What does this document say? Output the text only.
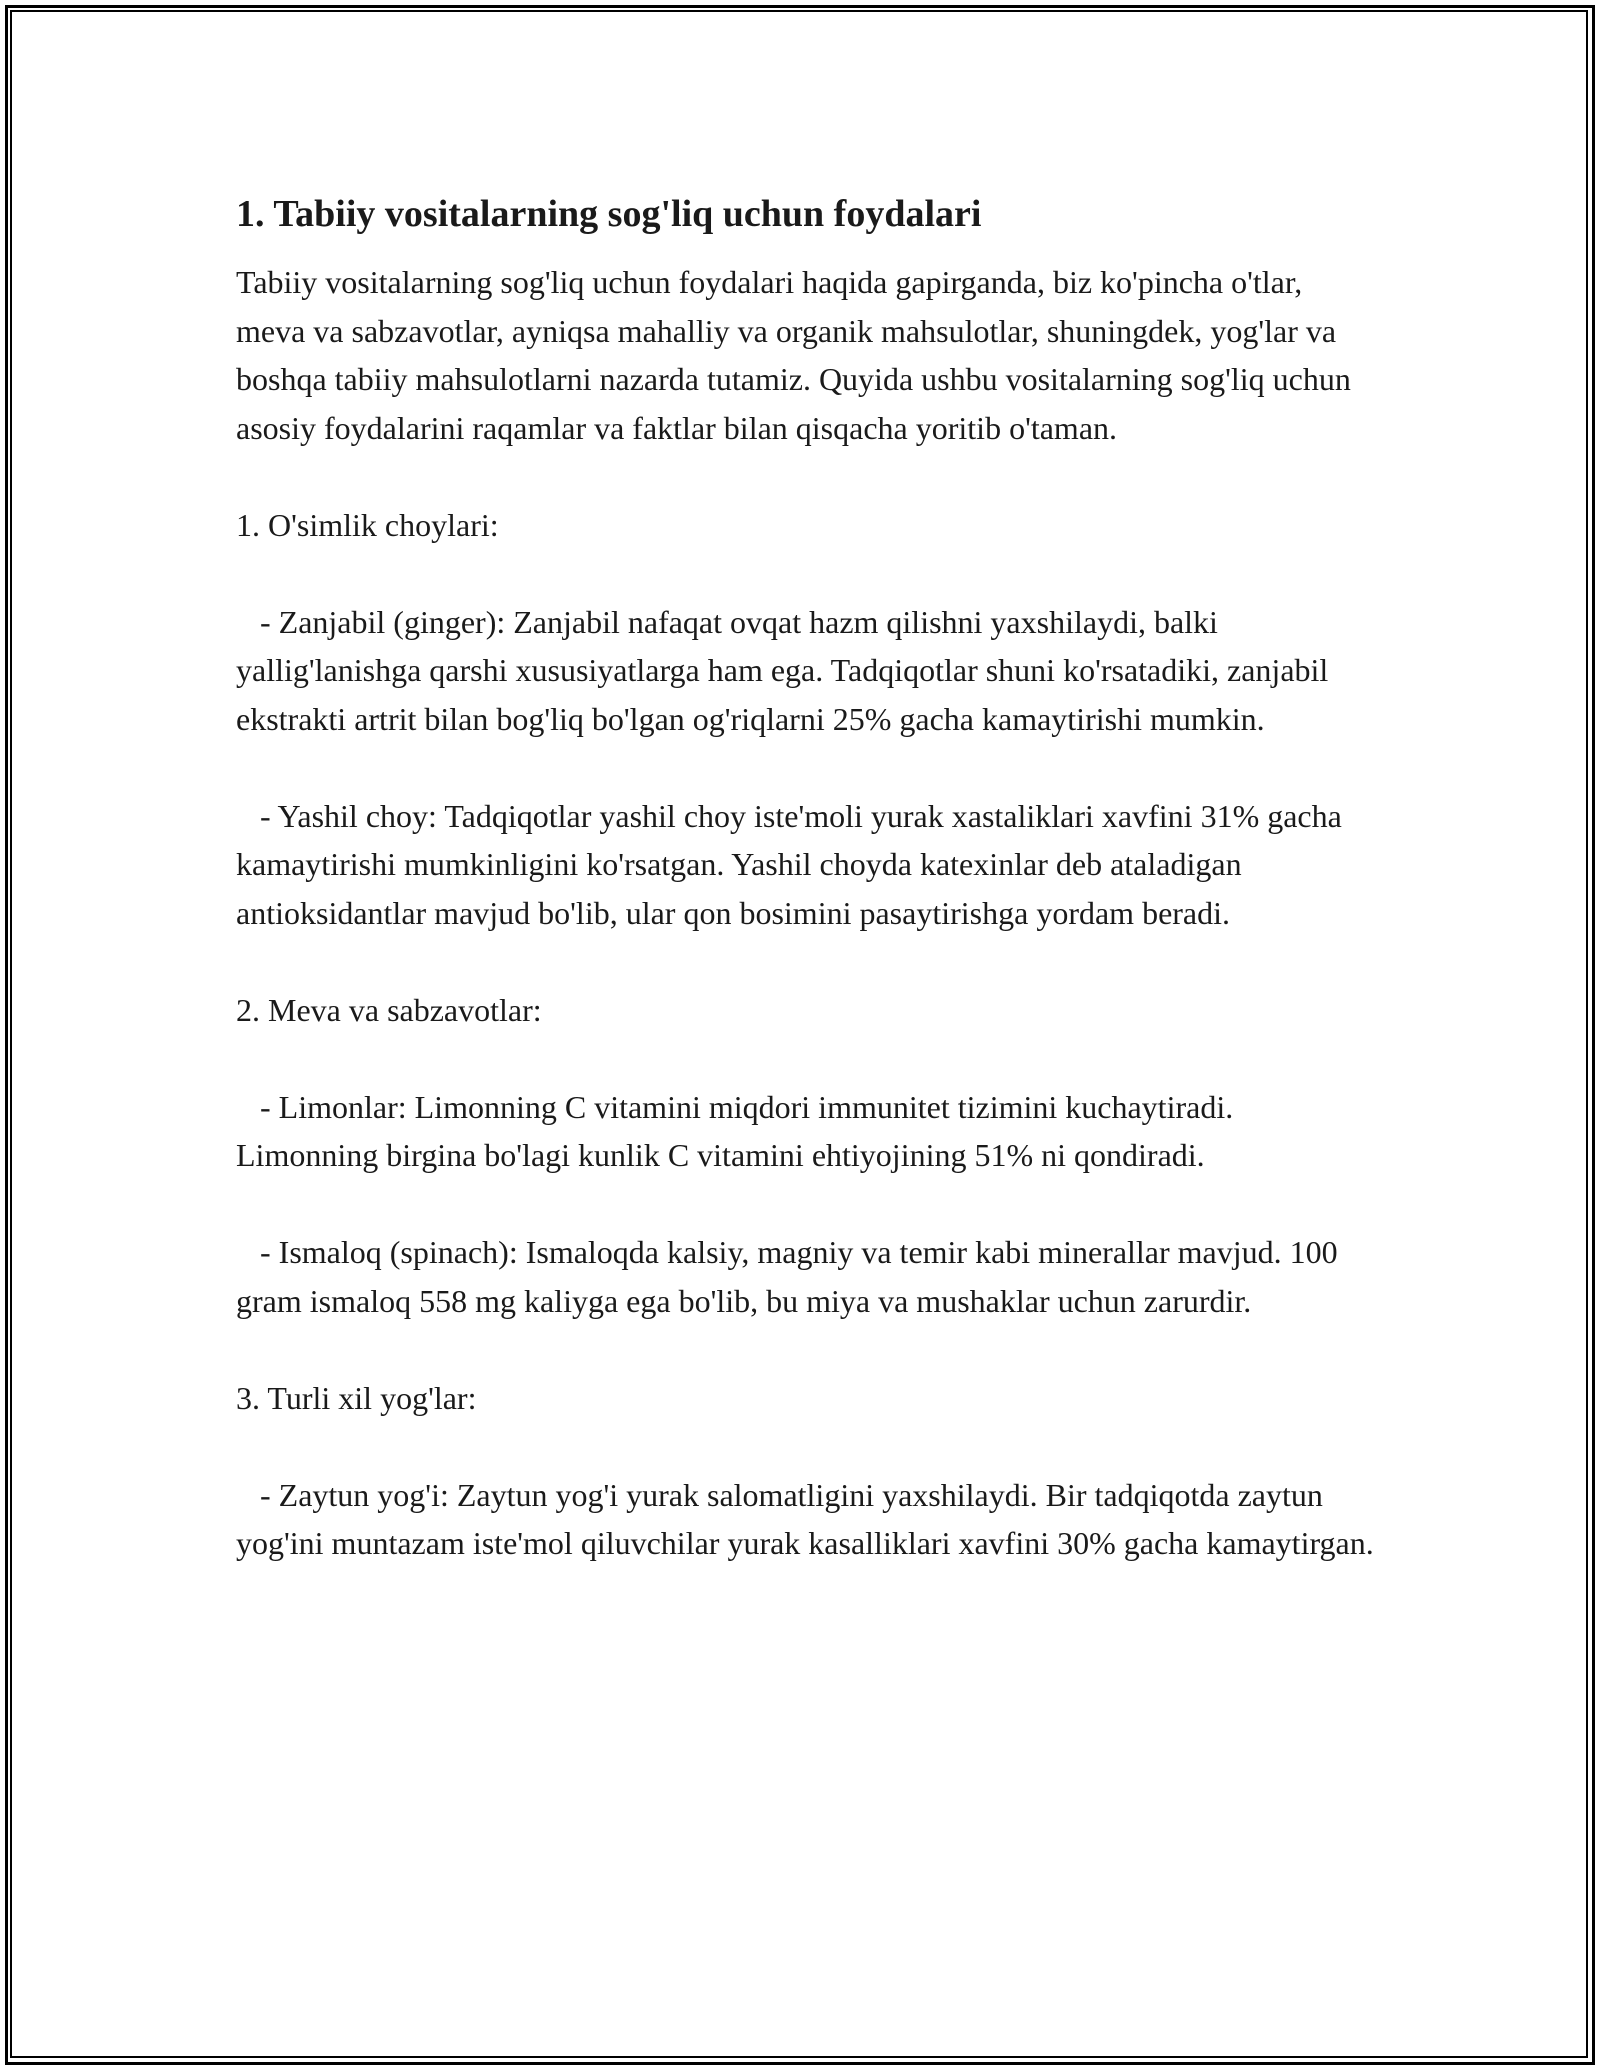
1. Tabiiy vositalarning sog'liq uchun foydalari

Tabiiy vositalarning sog'liq uchun foydalari haqida gapirganda, biz ko'pincha o'tlar, meva va sabzavotlar, ayniqsa mahalliy va organik mahsulotlar, shuningdek, yog'lar va boshqa tabiiy mahsulotlarni nazarda tutamiz. Quyida ushbu vositalarning sog'liq uchun asosiy foydalarini raqamlar va faktlar bilan qisqacha yoritib o'taman.

1. O'simlik choylari:

- Zanjabil (ginger): Zanjabil nafaqat ovqat hazm qilishni yaxshilaydi, balki yallig'lanishga qarshi xususiyatlarga ham ega. Tadqiqotlar shuni ko'rsatadiki, zanjabil ekstrakti artrit bilan bog'liq bo'lgan og'riqlarni 25% gacha kamaytirishi mumkin.

- Yashil choy: Tadqiqotlar yashil choy iste'moli yurak xastaliklari xavfini 31% gacha kamaytirishi mumkinligini ko'rsatgan. Yashil choyda katexinlar deb ataladigan antioksidantlar mavjud bo'lib, ular qon bosimini pasaytirishga yordam beradi.

2. Meva va sabzavotlar:

- Limonlar: Limonning C vitamini miqdori immunitet tizimini kuchaytiradi. Limonning birgina bo'lagi kunlik C vitamini ehtiyojining 51% ni qondiradi.

- Ismaloq (spinach): Ismaloqda kalsiy, magniy va temir kabi minerallar mavjud. 100 gram ismaloq 558 mg kaliyga ega bo'lib, bu miya va mushaklar uchun zarurdir.

3. Turli xil yog'lar:

- Zaytun yog'i: Zaytun yog'i yurak salomatligini yaxshilaydi. Bir tadqiqotda zaytun yog'ini muntazam iste'mol qiluvchilar yurak kasalliklari xavfini 30% gacha kamaytirgan.
